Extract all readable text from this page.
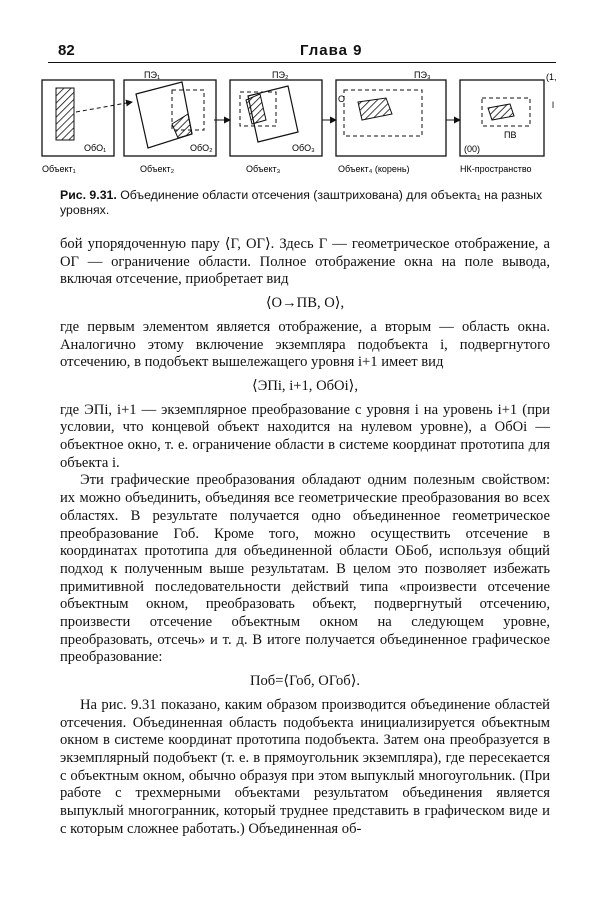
82	Глава 9
ОбО₁
ПЭ₁
ОбО₂
ПЭ₂
ОбО₃
ПЭ₃
О
ПВ
(00)
(1,
l
Объект₁	Объект₂	Объект₃	Объект₄ (корень)	НК-пространство
Рис. 9.31. Объединение области отсечения (заштрихована) для объекта₁ на разных уровнях.

бой упорядоченную пару ⟨Г, ОГ⟩. Здесь Г — геометрическое отображение, а ОГ — ограничение области. Полное отображение окна на поле вывода, включая отсечение, приобретает вид

⟨О→ПВ, О⟩,

где первым элементом является отображение, а вторым — область окна. Аналогично этому включение экземпляра подобъекта i, подвергнутого отсечению, в подобъект вышележащего уровня i+1 имеет вид

⟨ЭПi, i+1, ОбОi⟩,

где ЭПi, i+1 — экземплярное преобразование с уровня i на уровень i+1 (при условии, что концевой объект находится на нулевом уровне), а ОбОi — объектное окно, т. е. ограничение области в системе координат прототипа для объекта i.

Эти графические преобразования обладают одним полезным свойством: их можно объединить, объединяя все геометрические преобразования во всех областях. В результате получается одно объединенное геометрическое преобразование Гоб. Кроме того, можно осуществить отсечение в координатах прототипа для объединенной области ОБоб, используя общий подход к полученным выше результатам. В целом это позволяет избежать примитивной последовательности действий типа «произвести отсечение объектным окном, преобразовать объект, подвергнутый отсечению, произвести отсечение объектным окном на следующем уровне, преобразовать, отсечь» и т. д. В итоге получается объединенное графическое преобразование:

Поб=⟨Гоб, ОГоб⟩.

На рис. 9.31 показано, каким образом производится объединение областей отсечения. Объединенная область подобъекта инициализируется объектным окном в системе координат прототипа подобъекта. Затем она преобразуется в экземплярный подобъект (т. е. в прямоугольник экземпляра), где пересекается с объектным окном, обычно образуя при этом выпуклый многоугольник. (При работе с трехмерными объектами результатом объединения является выпуклый многогранник, который труднее представить в графическом виде и с которым сложнее работать.) Объединенная об-
